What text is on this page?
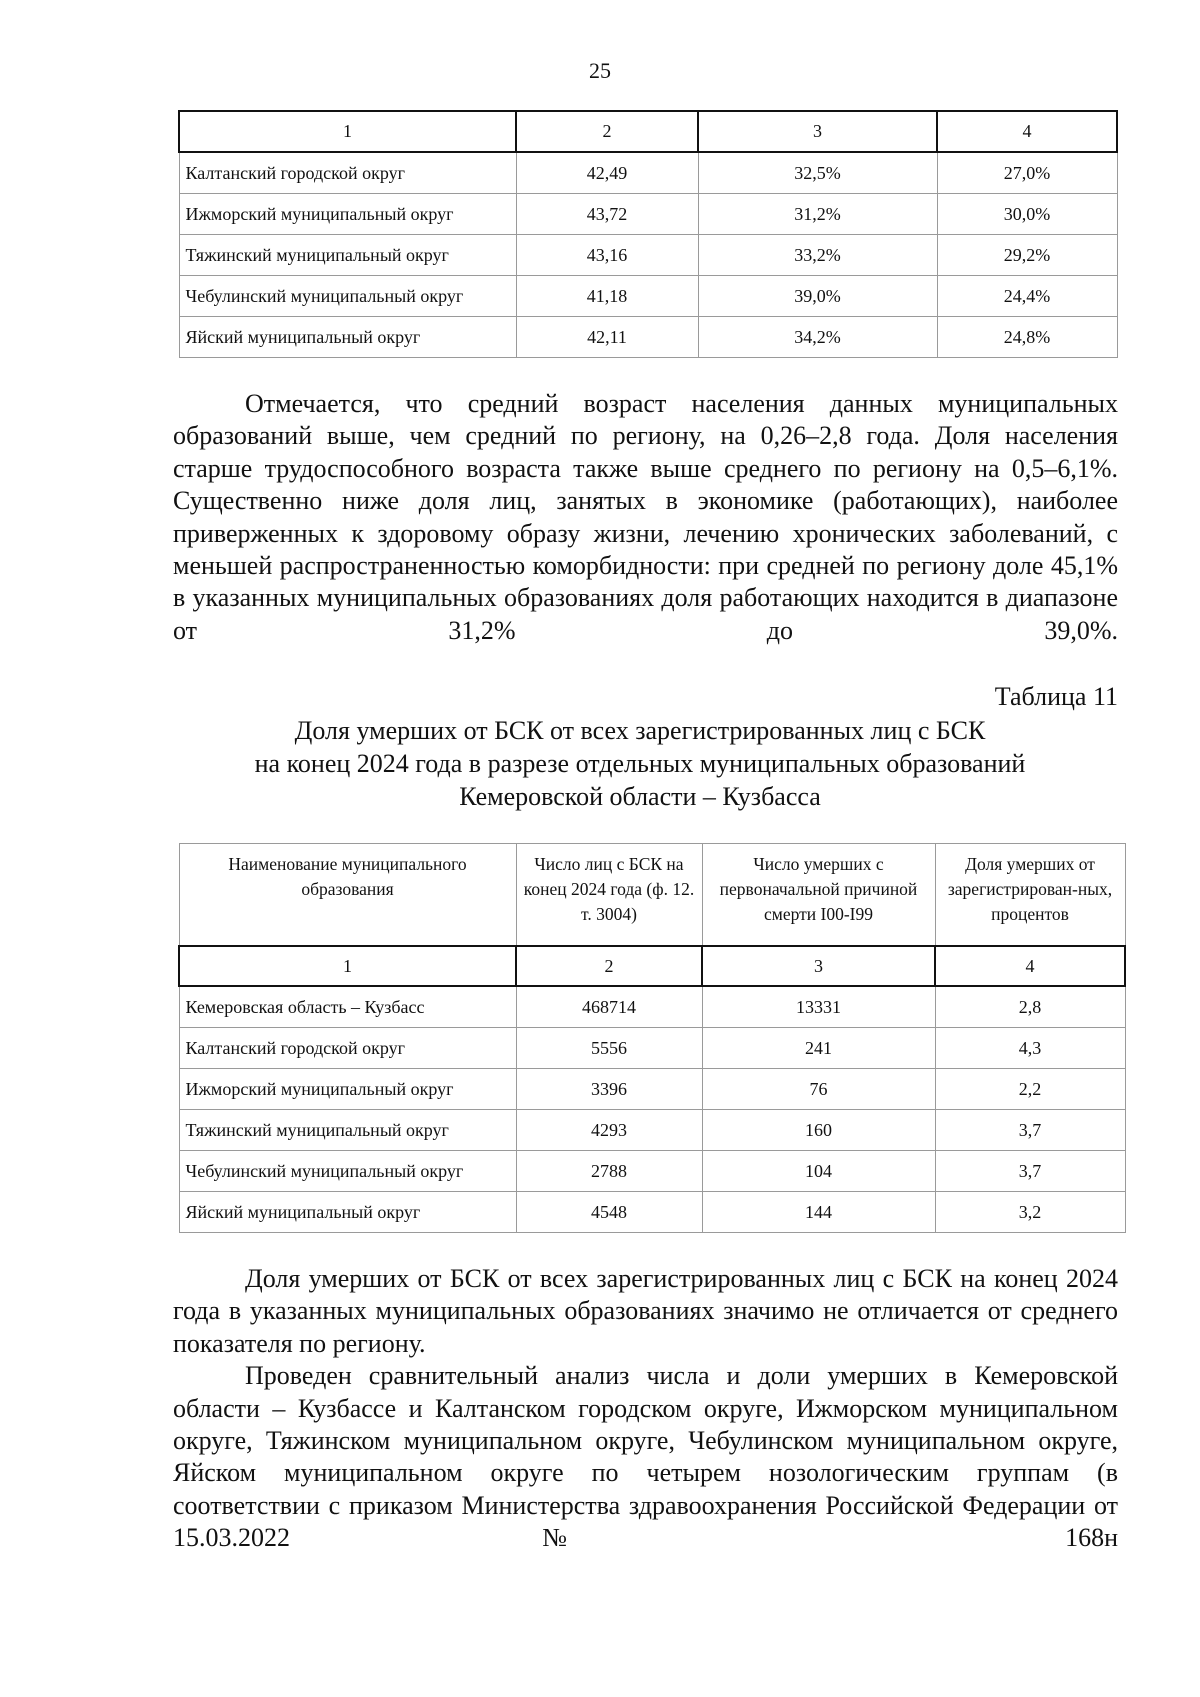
25
1	2	3	4
Калтанский городской округ	42,49	32,5%	27,0%
Ижморский муниципальный округ	43,72	31,2%	30,0%
Тяжинский муниципальный округ	43,16	33,2%	29,2%
Чебулинский муниципальный округ	41,18	39,0%	24,4%
Яйский муниципальный округ	42,11	34,2%	24,8%

Отмечается, что средний возраст населения данных муниципальных образований выше, чем средний по региону, на 0,26–2,8 года. Доля населения старше трудоспособного возраста также выше среднего по региону на 0,5–6,1%. Существенно ниже доля лиц, занятых в экономике (работающих), наиболее приверженных к здоровому образу жизни, лечению хронических заболеваний, с меньшей распространенностью коморбидности: при средней по региону доле 45,1% в указанных муниципальных образованиях доля работающих находится в диапазоне от 31,2% до 39,0%.

Таблица 11
Доля умерших от БСК от всех зарегистрированных лиц с БСК
на конец 2024 года в разрезе отдельных муниципальных образований
Кемеровской области – Кузбасса
Наименование муниципального образования	Число лиц с БСК на конец 2024 года (ф. 12. т. 3004)	Число умерших с первоначальной причиной смерти I00-I99	Доля умерших от зарегистрирован-ных, процентов
1	2	3	4
Кемеровская область – Кузбасс	468714	13331	2,8
Калтанский городской округ	5556	241	4,3
Ижморский муниципальный округ	3396	76	2,2
Тяжинский муниципальный округ	4293	160	3,7
Чебулинский муниципальный округ	2788	104	3,7
Яйский муниципальный округ	4548	144	3,2

Доля умерших от БСК от всех зарегистрированных лиц с БСК на конец 2024 года в указанных муниципальных образованиях значимо не отличается от среднего показателя по региону.

Проведен сравнительный анализ числа и доли умерших в Кемеровской области – Кузбассе и Калтанском городском округе, Ижморском муниципальном округе, Тяжинском муниципальном округе, Чебулинском муниципальном округе, Яйском муниципальном округе по четырем нозологическим группам (в соответствии с приказом Министерства здравоохранения Российской Федерации от 15.03.2022 № 168н
